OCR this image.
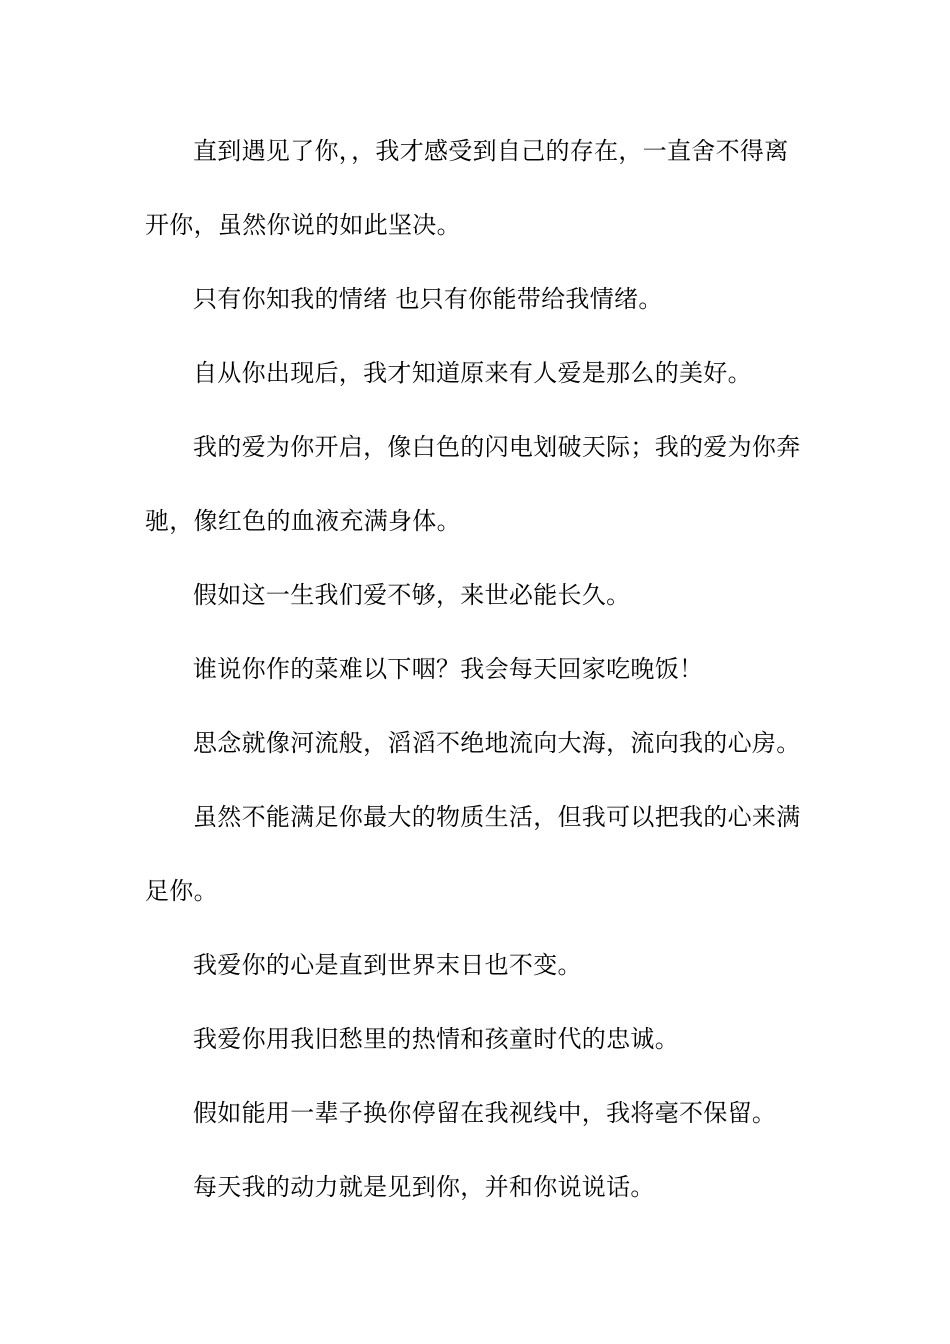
直到遇见了你，，我才感受到自己的存在，一直舍不得离开你，虽然你说的如此坚决。

只有你知我的情绪 也只有你能带给我情绪。

自从你出现后，我才知道原来有人爱是那么的美好。

我的爱为你开启，像白色的闪电划破天际；我的爱为你奔驰，像红色的血液充满身体。

假如这一生我们爱不够，来世必能长久。

谁说你作的菜难以下咽？我会每天回家吃晚饭！

思念就像河流般，滔滔不绝地流向大海，流向我的心房。

虽然不能满足你最大的物质生活，但我可以把我的心来满足你。

我爱你的心是直到世界末日也不变。

我爱你用我旧愁里的热情和孩童时代的忠诚。

假如能用一辈子换你停留在我视线中，我将毫不保留。

每天我的动力就是见到你，并和你说说话。
